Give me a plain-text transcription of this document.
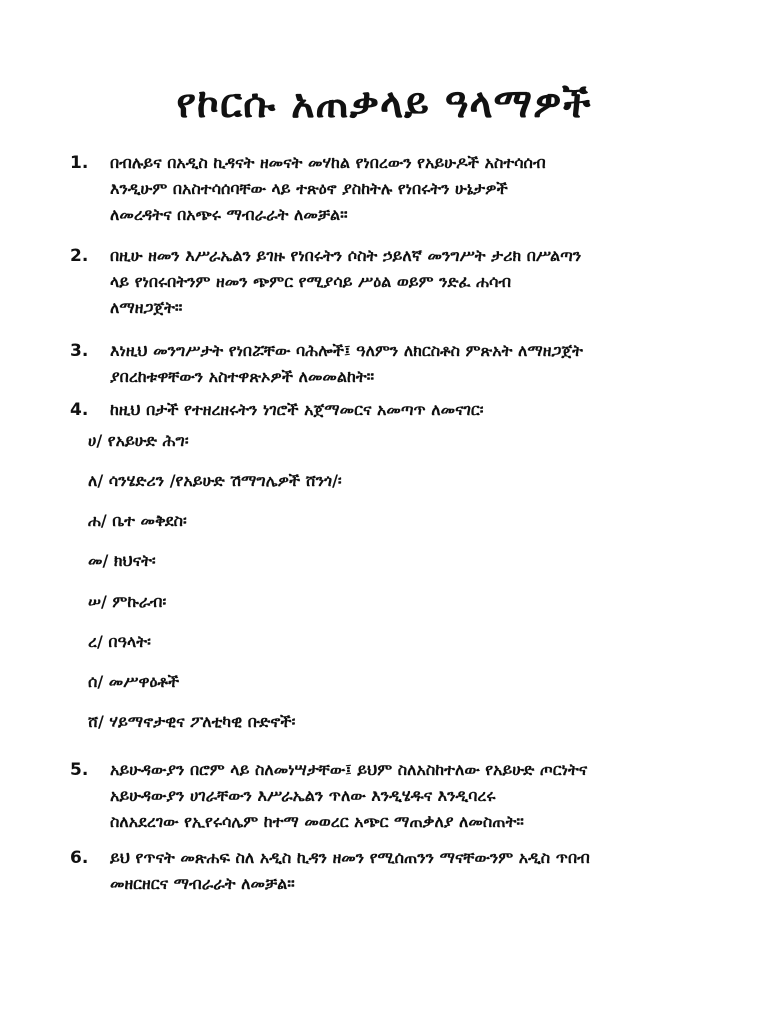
የኮርሱ አጠቃላይ ዓላማዎች
1. በብሉይና በአዲስ ኪዳናት ዘመናት መሃከል የነበረውን የአይሁዶች አስተሳሰብ
እንዲሁም በአስተሳሰባቸው ላይ ተጽዕኖ ያስከትሉ የነበሩትን ሁኔታዎች
ለመረዳትና በአጭሩ ማብራራት ለመቻል።
2. በዚሁ ዘመን እሥራኤልን ይገዙ የነበሩትን ሶስት ኃይለኛ መንግሥት ታሪክ በሥልጣን
ላይ የነበሩበትንም ዘመን ጭምር የሚያሳይ ሥዕል ወይም ንድፈ ሐሳብ
ለማዘጋጀት።
3. እነዚህ መንግሥታት የነበሯቸው ባሕሎች፤ ዓለምን ለክርስቶስ ምጽአት ለማዘጋጀት
ያበረከቱዋቸውን አስተዋጽኦዎች ለመመልከት።
4. ከዚህ በታች የተዘረዘሩትን ነገሮች አጀማመርና አመጣጥ ለመናገር፡
ሀ/ የአይሁድ ሕግ፡
ለ/ ሳንሄድሪን /የአይሁድ ሽማግሌዎች ሸንጎ/፡
ሐ/ ቤተ መቅደስ፡
መ/ ክህናት፡
ሠ/ ምኩራብ፡
ረ/ በዓላት፡
ሰ/ መሥዋዕቶች
ሸ/ ሃይማኖታዊና ፖለቲካዊ ቡድኖች፡
5. አይሁዳውያን በሮም ላይ ስለመነሣታቸው፤ ይህም ስለአስከተለው የአይሁድ ጦርነትና
አይሁዳውያን ሀገራቸውን እሥራኤልን ጥለው እንዲሄዱና እንዲባረሩ
ስለአደረገው የኢየሩሳሌም ከተማ መወረር አጭር ማጠቃለያ ለመስጠት።
6. ይህ የጥናት መጽሐፍ ስለ አዲስ ኪዳን ዘመን የሚሰጠንን ማናቸውንም አዲስ ጥበብ
መዘርዘርና ማብራራት ለመቻል።
